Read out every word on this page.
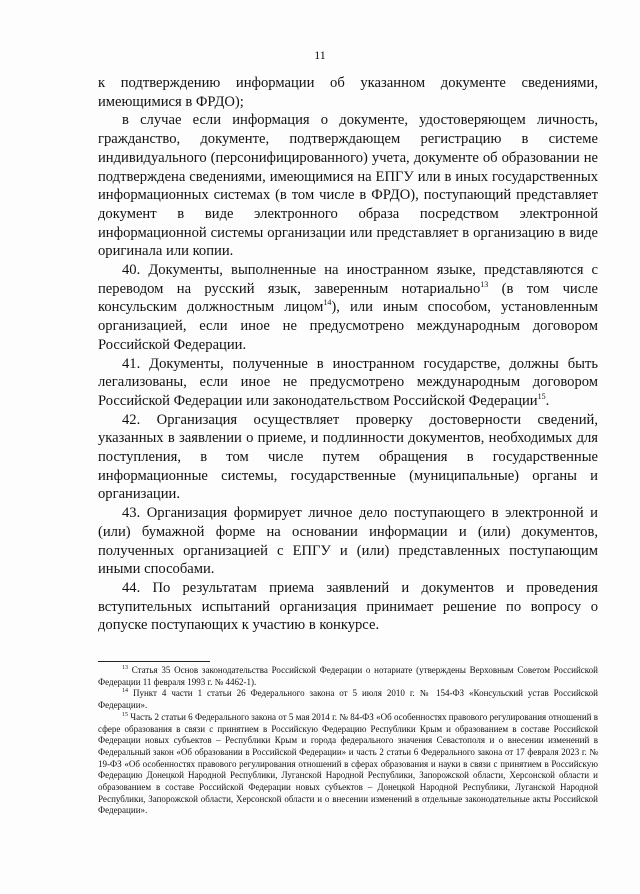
11

к подтверждению информации об указанном документе сведениями, имеющимися в ФРДО);

в случае если информация о документе, удостоверяющем личность, гражданство, документе, подтверждающем регистрацию в системе индивидуального (персонифицированного) учета, документе об образовании не подтверждена сведениями, имеющимися на ЕПГУ или в иных государственных информационных системах (в том числе в ФРДО), поступающий представляет документ в виде электронного образа посредством электронной информационной системы организации или представляет в организацию в виде оригинала или копии.

40. Документы, выполненные на иностранном языке, представляются с переводом на русский язык, заверенным нотариально$^{13}$ (в том числе консульским должностным лицом$^{14}$), или иным способом, установленным организацией, если иное не предусмотрено международным договором Российской Федерации.

41. Документы, полученные в иностранном государстве, должны быть легализованы, если иное не предусмотрено международным договором Российской Федерации или законодательством Российской Федерации$^{15}$.

42. Организация осуществляет проверку достоверности сведений, указанных в заявлении о приеме, и подлинности документов, необходимых для поступления, в том числе путем обращения в государственные информационные системы, государственные (муниципальные) органы и организации.

43. Организация формирует личное дело поступающего в электронной и (или) бумажной форме на основании информации и (или) документов, полученных организацией с ЕПГУ и (или) представленных поступающим иными способами.

44. По результатам приема заявлений и документов и проведения вступительных испытаний организация принимает решение по вопросу о допуске поступающих к участию в конкурсе.

$^{13}$ Статья 35 Основ законодательства Российской Федерации о нотариате (утверждены Верховным Советом Российской Федерации 11 февраля 1993 г. № 4462-1).

$^{14}$ Пункт 4 части 1 статьи 26 Федерального закона от 5 июля 2010 г. № 154-ФЗ «Консульский устав Российской Федерации».

$^{15}$ Часть 2 статьи 6 Федерального закона от 5 мая 2014 г. № 84-ФЗ «Об особенностях правового регулирования отношений в сфере образования в связи с принятием в Российскую Федерацию Республики Крым и образованием в составе Российской Федерации новых субъектов – Республики Крым и города федерального значения Севастополя и о внесении изменений в Федеральный закон «Об образовании в Российской Федерации» и часть 2 статьи 6 Федерального закона от 17 февраля 2023 г. № 19-ФЗ «Об особенностях правового регулирования отношений в сферах образования и науки в связи с принятием в Российскую Федерацию Донецкой Народной Республики, Луганской Народной Республики, Запорожской области, Херсонской области и образованием в составе Российской Федерации новых субъектов – Донецкой Народной Республики, Луганской Народной Республики, Запорожской области, Херсонской области и о внесении изменений в отдельные законодательные акты Российской Федерации».
